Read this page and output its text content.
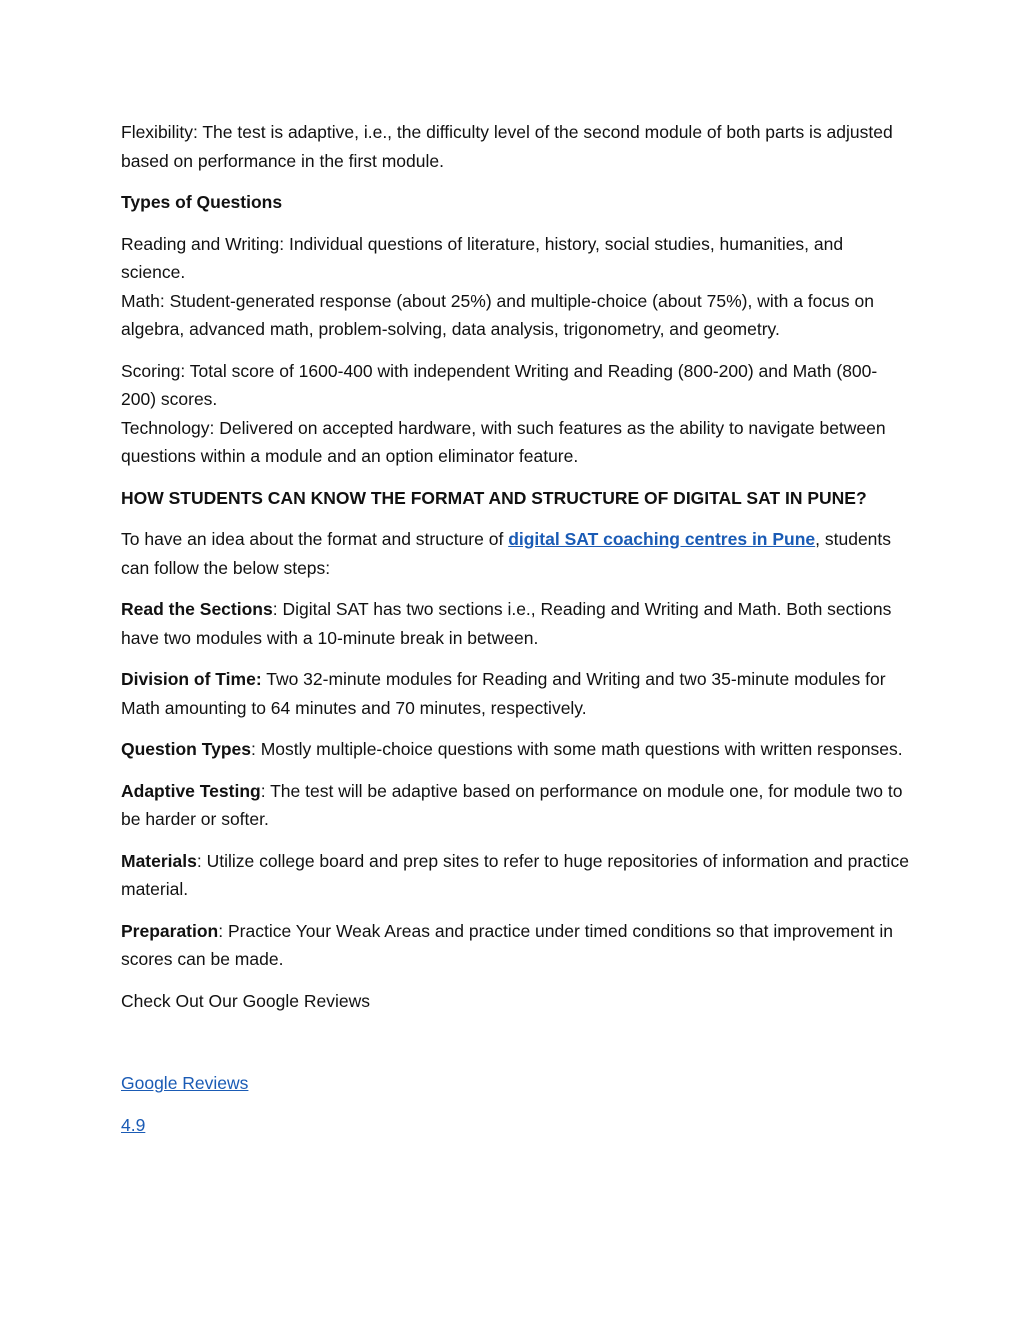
Flexibility: The test is adaptive, i.e., the difficulty level of the second module of both parts is adjusted based on performance in the first module.

Types of Questions

Reading and Writing: Individual questions of literature, history, social studies, humanities, and science.
Math: Student-generated response (about 25%) and multiple-choice (about 75%), with a focus on algebra, advanced math, problem-solving, data analysis, trigonometry, and geometry.
Scoring: Total score of 1600-400 with independent Writing and Reading (800-200) and Math (800-200) scores.
Technology: Delivered on accepted hardware, with such features as the ability to navigate between questions within a module and an option eliminator feature.

HOW STUDENTS CAN KNOW THE FORMAT AND STRUCTURE OF DIGITAL SAT IN PUNE?

To have an idea about the format and structure of digital SAT coaching centres in Pune, students can follow the below steps:

Read the Sections: Digital SAT has two sections i.e., Reading and Writing and Math. Both sections have two modules with a 10-minute break in between.

Division of Time: Two 32-minute modules for Reading and Writing and two 35-minute modules for Math amounting to 64 minutes and 70 minutes, respectively.

Question Types: Mostly multiple-choice questions with some math questions with written responses.

Adaptive Testing: The test will be adaptive based on performance on module one, for module two to be harder or softer.

Materials: Utilize college board and prep sites to refer to huge repositories of information and practice material.

Preparation: Practice Your Weak Areas and practice under timed conditions so that improvement in scores can be made.

Check Out Our Google Reviews

Google Reviews

4.9
